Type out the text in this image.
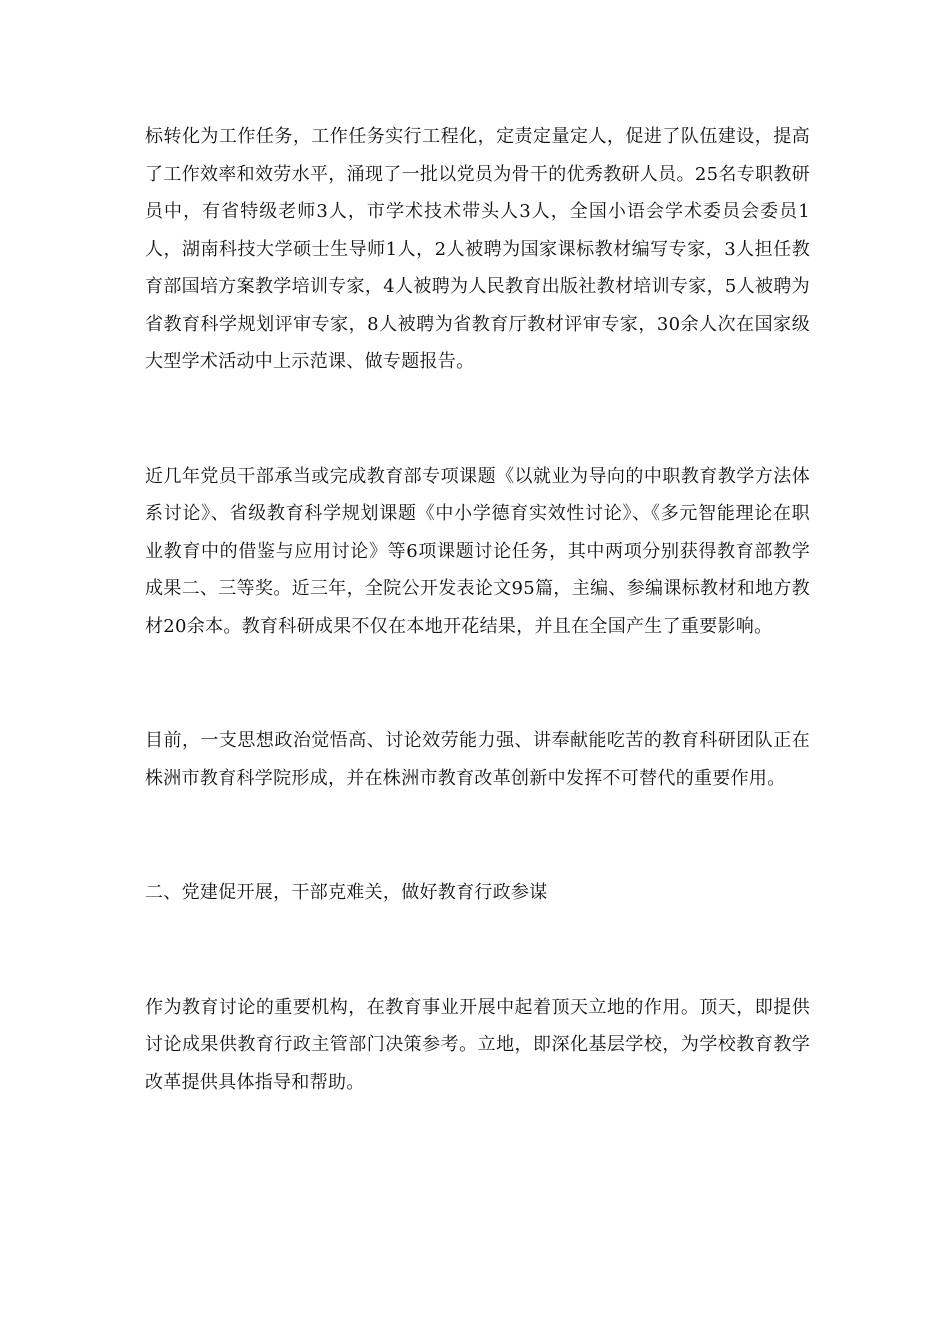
标转化为工作任务，工作任务实行工程化，定责定量定人，促进了队伍建设，提高了工作效率和效劳水平，涌现了一批以党员为骨干的优秀教研人员。25名专职教研员中，有省特级老师3人，市学术技术带头人3人，全国小语会学术委员会委员1人，湖南科技大学硕士生导师1人，2人被聘为国家课标教材编写专家，3人担任教育部国培方案教学培训专家，4人被聘为人民教育出版社教材培训专家，5人被聘为省教育科学规划评审专家，8人被聘为省教育厅教材评审专家，30余人次在国家级大型学术活动中上示范课、做专题报告。

近几年党员干部承当或完成教育部专项课题《以就业为导向的中职教育教学方法体系讨论》、省级教育科学规划课题《中小学德育实效性讨论》、《多元智能理论在职业教育中的借鉴与应用讨论》等6项课题讨论任务，其中两项分别获得教育部教学成果二、三等奖。近三年，全院公开发表论文95篇，主编、参编课标教材和地方教材20余本。教育科研成果不仅在本地开花结果，并且在全国产生了重要影响。

目前，一支思想政治觉悟高、讨论效劳能力强、讲奉献能吃苦的教育科研团队正在株洲市教育科学院形成，并在株洲市教育改革创新中发挥不可替代的重要作用。

二、党建促开展，干部克难关，做好教育行政参谋

作为教育讨论的重要机构，在教育事业开展中起着顶天立地的作用。顶天，即提供讨论成果供教育行政主管部门决策参考。立地，即深化基层学校，为学校教育教学改革提供具体指导和帮助。
